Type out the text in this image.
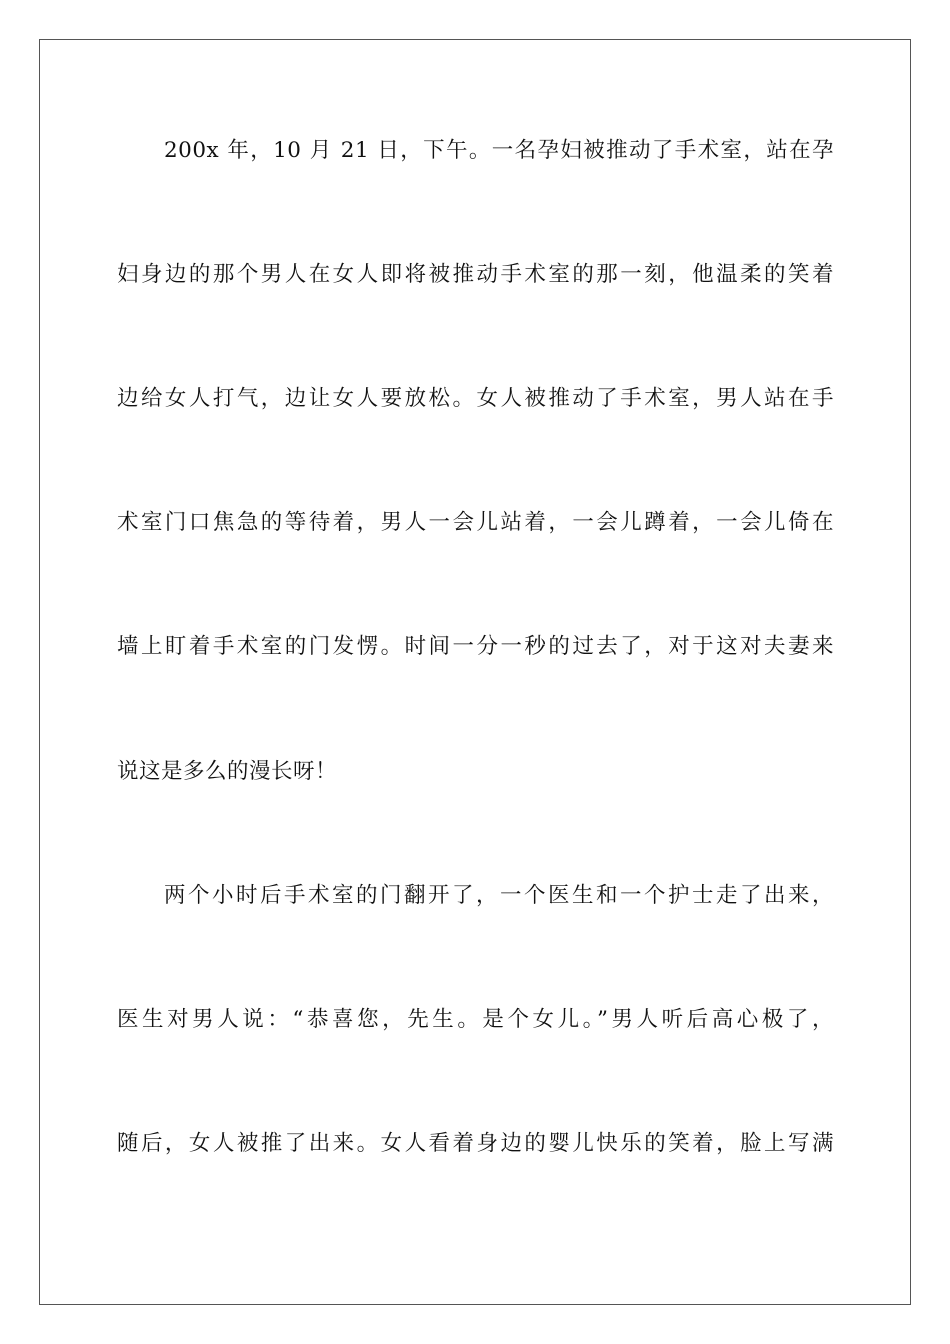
200x 年，10 月 21 日，下午。一名孕妇被推动了手术室，站在孕
妇身边的那个男人在女人即将被推动手术室的那一刻，他温柔的笑着
边给女人打气，边让女人要放松。女人被推动了手术室，男人站在手
术室门口焦急的等待着，男人一会儿站着，一会儿蹲着，一会儿倚在
墙上盯着手术室的门发愣。时间一分一秒的过去了，对于这对夫妻来
说这是多么的漫长呀！
两个小时后手术室的门翻开了，一个医生和一个护士走了出来，
医生对男人说：“恭喜您，先生。是个女儿。”男人听后高心极了，
随后，女人被推了出来。女人看着身边的婴儿快乐的笑着，脸上写满
